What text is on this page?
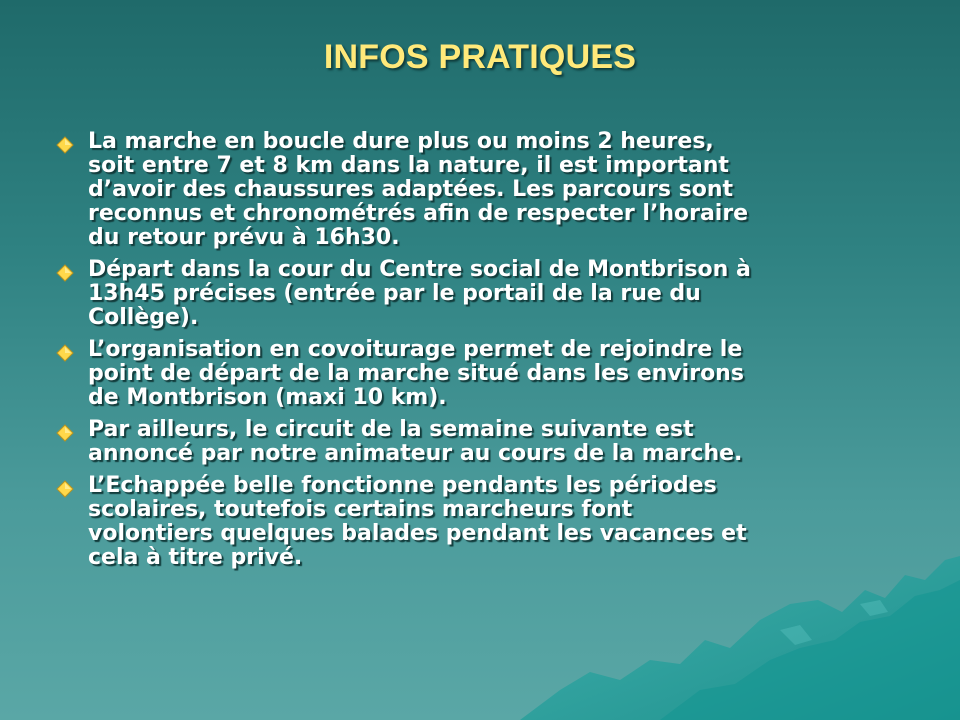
INFOS PRATIQUES
La marche en boucle dure plus ou moins 2 heures,
soit entre 7 et 8 km dans la nature, il est important
d’avoir des chaussures adaptées. Les parcours sont
reconnus et chronométrés afin de respecter l’horaire
du retour prévu à 16h30.
Départ dans la cour du Centre social de Montbrison à
13h45 précises (entrée par le portail de la rue du
Collège).
L’organisation en covoiturage permet de rejoindre le
point de départ de la marche situé dans les environs
de Montbrison (maxi 10 km).
Par ailleurs, le circuit de la semaine suivante est
annoncé par notre animateur au cours de la marche.
L’Echappée belle fonctionne pendants les périodes
scolaires, toutefois certains marcheurs font
volontiers quelques balades pendant les vacances et
cela à titre privé.
